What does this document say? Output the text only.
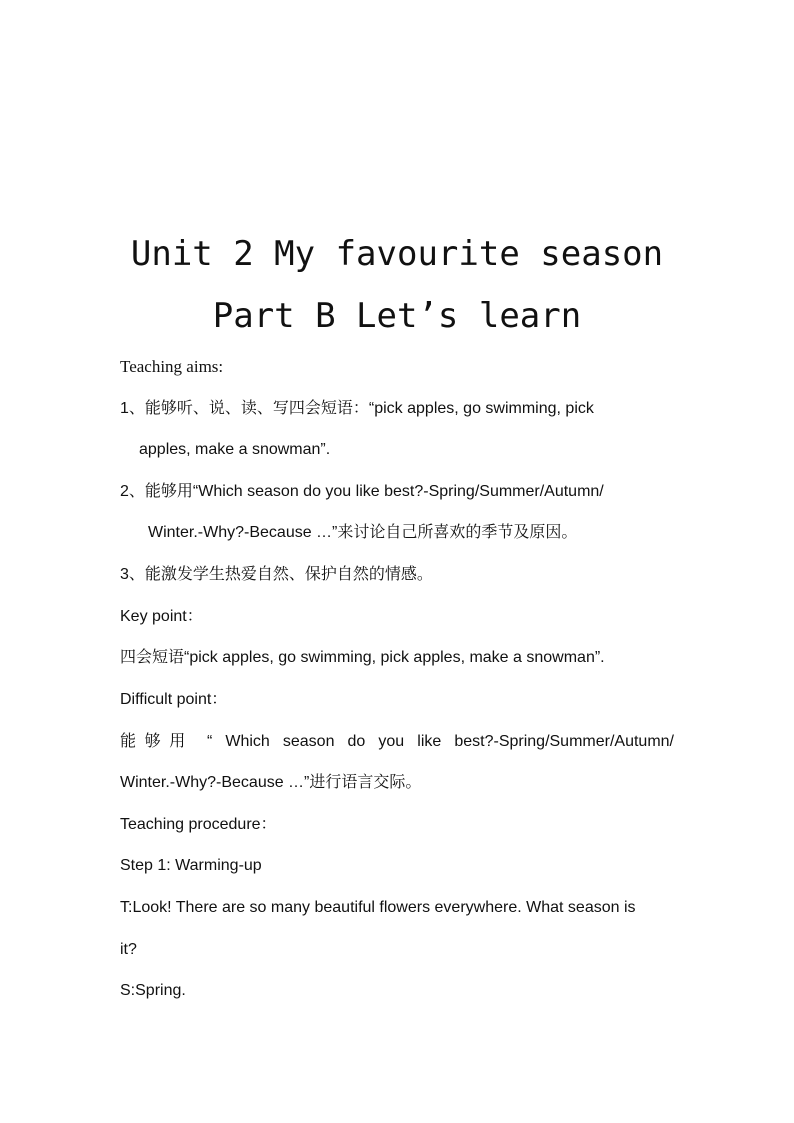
Unit 2 My favourite season
Part B Let’s learn
Teaching aims:
1、能够听、说、读、写四会短语：“pick apples, go swimming, pick
apples, make a snowman”.
2、能够用“Which season do you like best?-Spring/Summer/Autumn/
Winter.-Why?-Because …”来讨论自己所喜欢的季节及原因。
3、能激发学生热爱自然、保护自然的情感。
Key point：
四会短语“pick apples, go swimming, pick apples, make a snowman”.
Difficult point：
能够用 “ Which season do you like best?-Spring/Summer/Autumn/
Winter.-Why?-Because …”进行语言交际。
Teaching procedure：
Step 1: Warming-up
T:Look! There are so many beautiful flowers everywhere. What season is
it?
S:Spring.
